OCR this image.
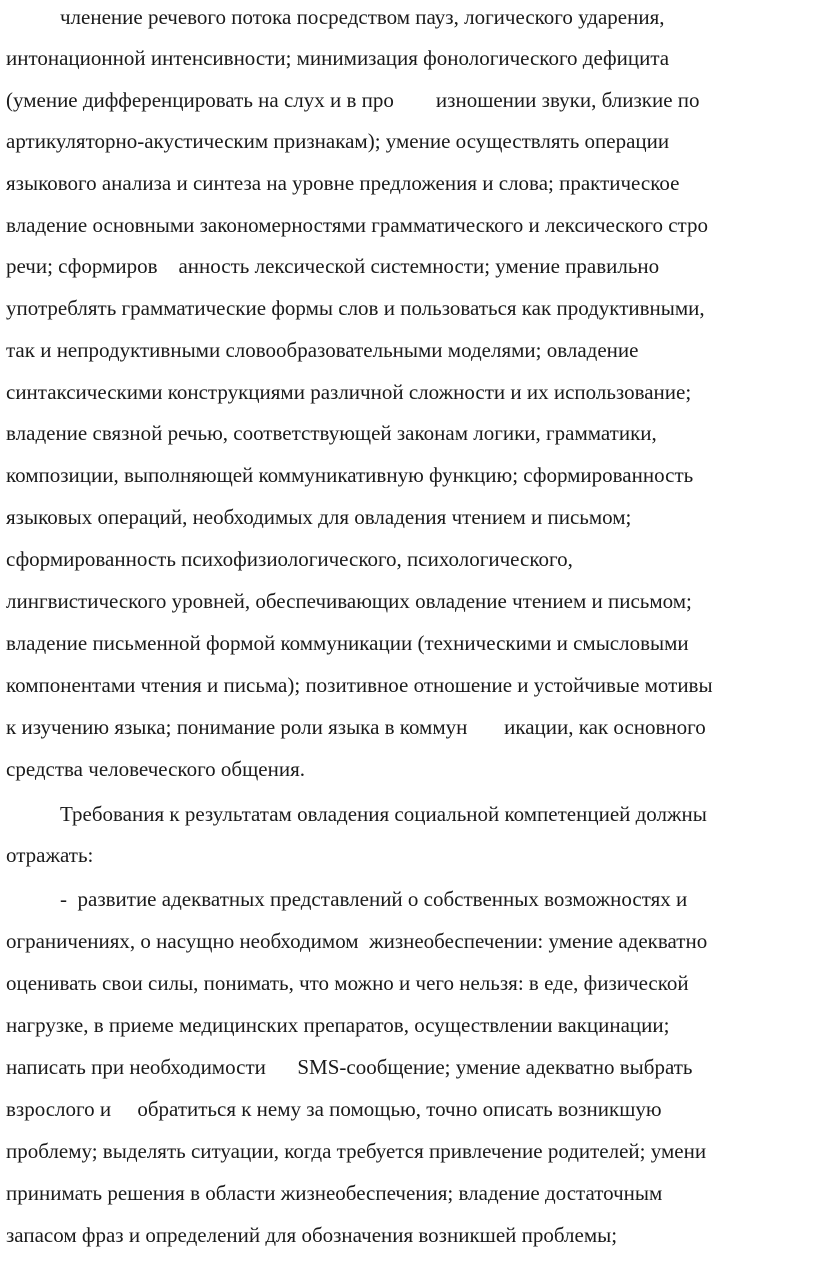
членение речевого потока посредством пауз, логического ударения,
интонационной интенсивности; минимизация фонологического дефицита
(умение дифференцировать на слух и в про        изношении звуки, близкие по
артикуляторно-акустическим признакам); умение осуществлять операции
языкового анализа и синтеза на уровне предложения и слова; практическое
владение основными закономерностями грамматического и лексического стро
речи; сформиров    анность лексической системности; умение правильно
употреблять грамматические формы слов и пользоваться как продуктивными,
так и непродуктивными словообразовательными моделями; овладение
синтаксическими конструкциями различной сложности и их использование;
владение связной речью, соответствующей законам логики, грамматики,
композиции, выполняющей коммуникативную функцию; сформированность
языковых операций, необходимых для овладения чтением и письмом;
сформированность психофизиологического, психологического,
лингвистического уровней, обеспечивающих овладение чтением и письмом;
владение письменной формой коммуникации (техническими и смысловыми
компонентами чтения и письма); позитивное отношение и устойчивые мотивы
к изучению языка; понимание роли языка в коммун       икации, как основного
средства человеческого общения.
Требования к результатам овладения социальной компетенцией должны
отражать:
-  развитие адекватных представлений о собственных возможностях и
ограничениях, о насущно необходимом  жизнеобеспечении: умение адекватно
оценивать свои силы, понимать, что можно и чего нельзя: в еде, физической
нагрузке, в приеме медицинских препаратов, осуществлении вакцинации;
написать при необходимости      SMS-сообщение; умение адекватно выбрать
взрослого и     обратиться к нему за помощью, точно описать возникшую
проблему; выделять ситуации, когда требуется привлечение родителей; умени
принимать решения в области жизнеобеспечения; владение достаточным
запасом фраз и определений для обозначения возникшей проблемы;
